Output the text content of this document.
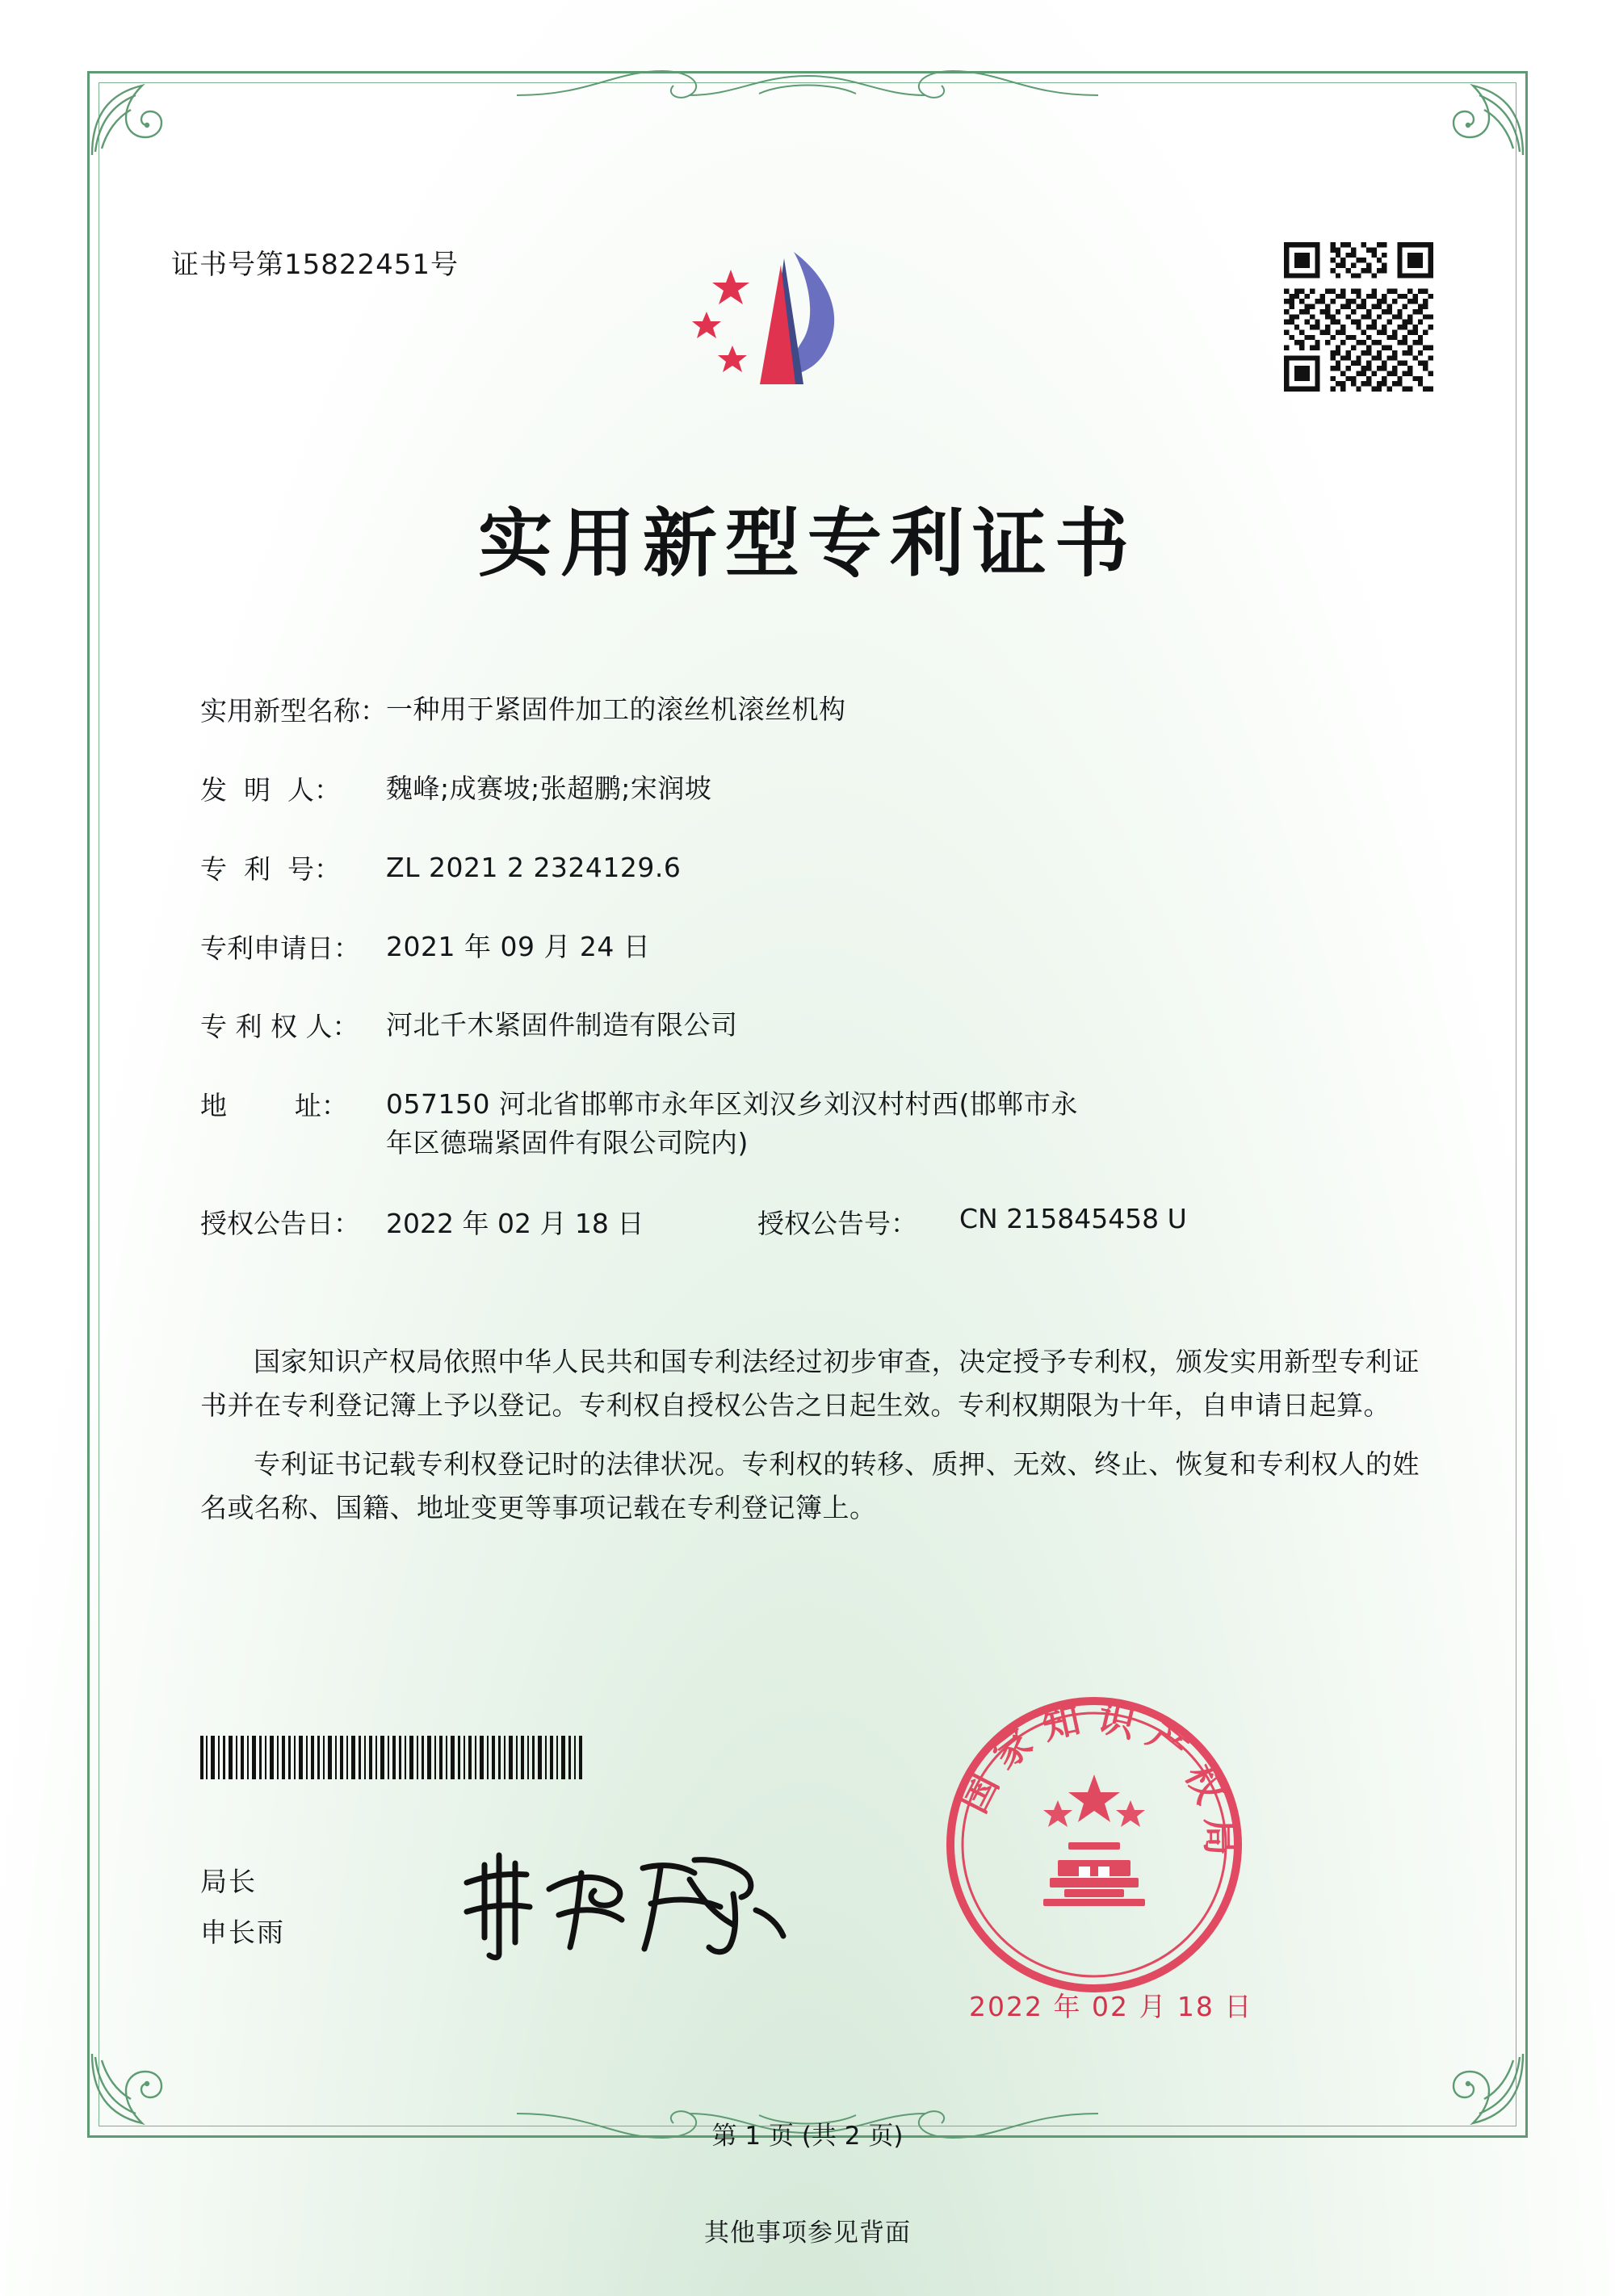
证书号第15822451号
实用新型专利证书
实用新型名称： 一种用于紧固件加工的滚丝机滚丝机构
发  明  人：	魏峰;成赛坡;张超鹏;宋润坡
专  利  号：	ZL 2021 2 2324129.6
专利申请日： 2021 年 09 月 24 日
专 利 权 人：	河北千木紧固件制造有限公司
地        址：	057150 河北省邯郸市永年区刘汉乡刘汉村村西(邯郸市永
年区德瑞紧固件有限公司院内)
授权公告日： 2022 年 02 月 18 日	授权公告号：	CN 215845458 U

国家知识产权局依照中华人民共和国专利法经过初步审查，决定授予专利权，颁发实用新型专利证书并在专利登记簿上予以登记。专利权自授权公告之日起生效。专利权期限为十年，自申请日起算。

专利证书记载专利权登记时的法律状况。专利权的转移、质押、无效、终止、恢复和专利权人的姓名或名称、国籍、地址变更等事项记载在专利登记簿上。

国家知识产权局
2022 年 02 月 18 日
局长
申长雨
第 1 页 (共 2 页)
其他事项参见背面
